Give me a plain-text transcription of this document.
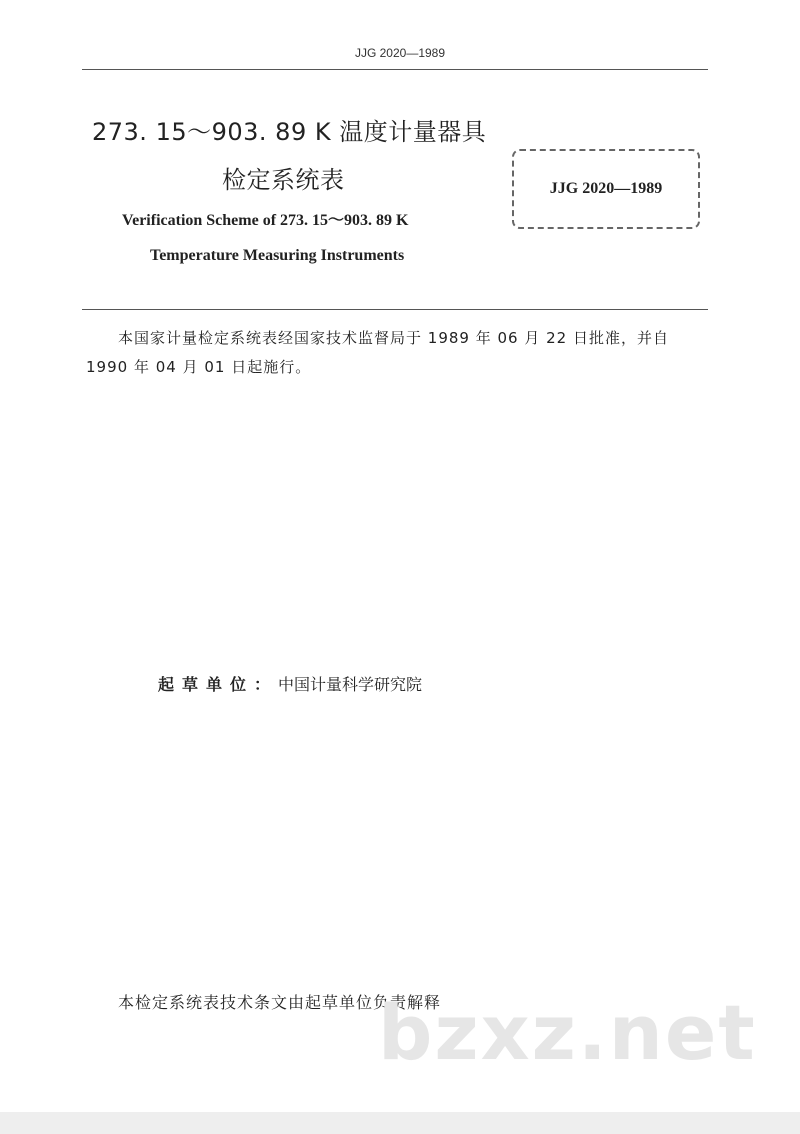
JJG 2020—1989
273. 15～903. 89 K 温度计量器具
检定系统表
Verification Scheme of 273. 15～903. 89 K
Temperature Measuring Instruments
JJG 2020—1989
本国家计量检定系统表经国家技术监督局于 1989 年 06 月 22 日批准，并自 1990 年 04 月 01 日起施行。
起草单位：中国计量科学研究院
本检定系统表技术条文由起草单位负责解释
bzxz.net
